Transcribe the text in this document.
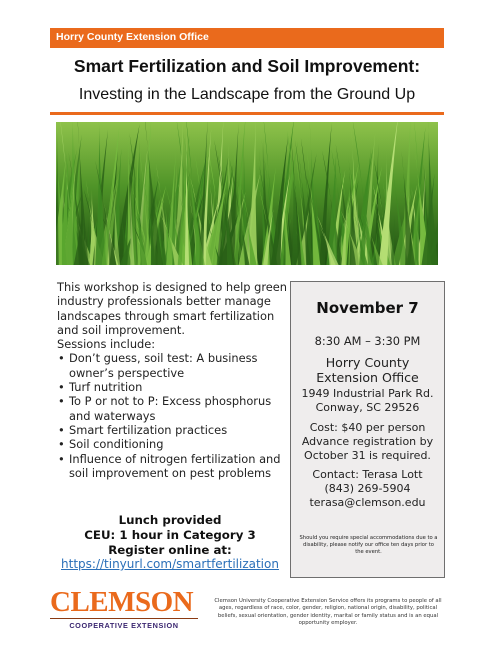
Horry County Extension Office
Smart Fertilization and Soil Improvement:
Investing in the Landscape from the Ground Up
This workshop is designed to help green industry professionals better manage landscapes through smart fertilization and soil improvement.
Sessions include:
• Don’t guess, soil test: A business owner’s perspective
• Turf nutrition
• To P or not to P: Excess phosphorus and waterways
• Smart fertilization practices
• Soil conditioning
• Influence of nitrogen fertilization and soil improvement on pest problems
Lunch provided
CEU: 1 hour in Category 3
Register online at:
https://tinyurl.com/smartfertilization
November 7
8:30 AM – 3:30 PM
Horry County
Extension Office
1949 Industrial Park Rd.
Conway, SC 29526
Cost: $40 per person
Advance registration by
October 31 is required.
Contact: Terasa Lott
(843) 269-5904
terasa@clemson.edu
Should you require special accommodations due to a disability, please notify our office ten days prior to the event.
CLEMSON
COOPERATIVE EXTENSION
Clemson University Cooperative Extension Service offers its programs to people of all ages, regardless of race, color, gender, religion, national origin, disability, political beliefs, sexual orientation, gender identity, marital or family status and is an equal opportunity employer.
